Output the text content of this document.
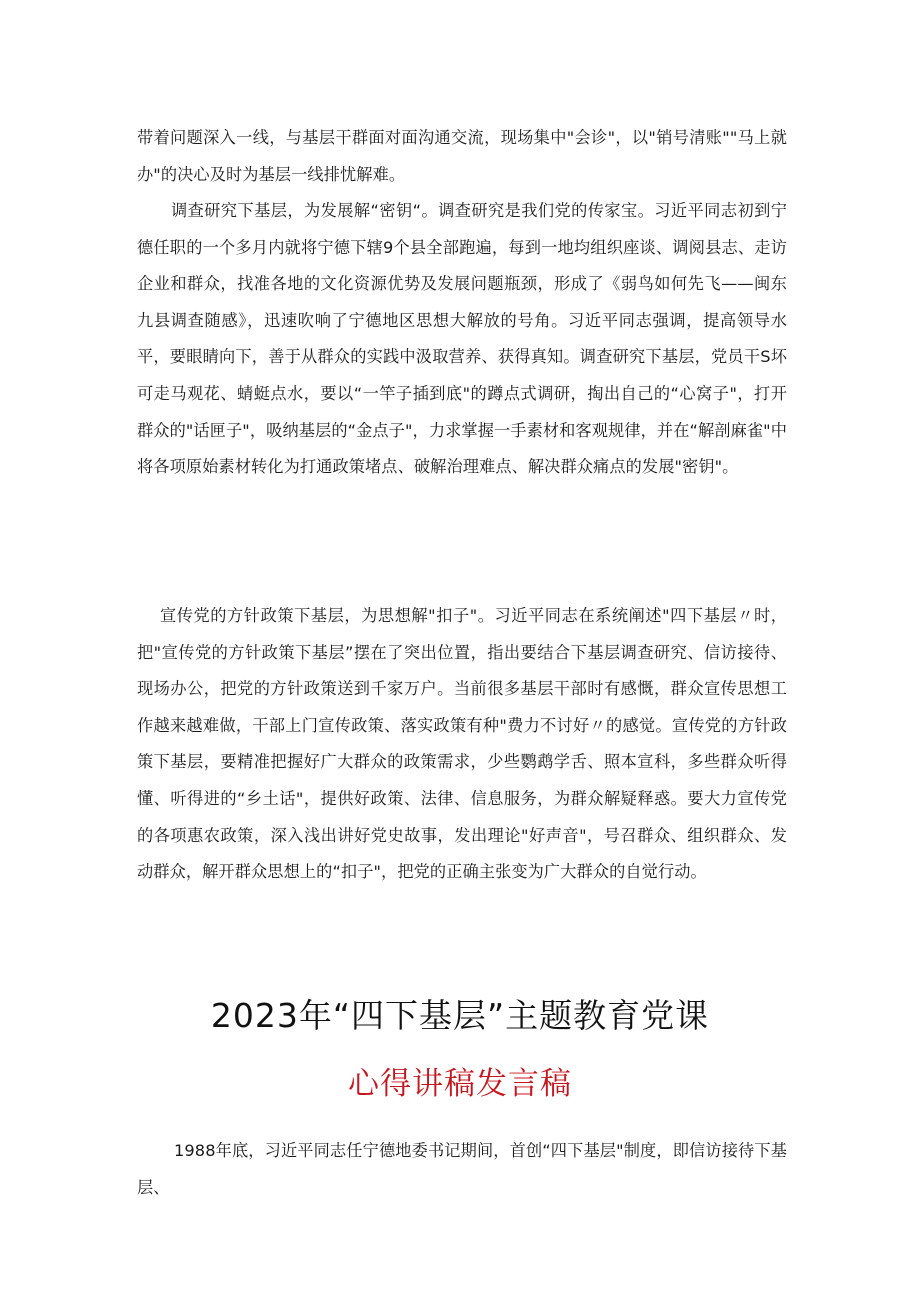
带着问题深入一线，与基层干群面对面沟通交流，现场集中"会诊"，以"销号清账""马上就办"的决心及时为基层一线排忧解难。

调查研究下基层，为发展解“密钥“。调查研究是我们党的传家宝。习近平同志初到宁德任职的一个多月内就将宁德下辖9个县全部跑遍，每到一地均组织座谈、调阅县志、走访企业和群众，找准各地的文化资源优势及发展问题瓶颈，形成了《弱鸟如何先飞——闽东九县调查随感》，迅速吹响了宁德地区思想大解放的号角。习近平同志强调，提高领导水平，要眼睛向下，善于从群众的实践中汲取营养、获得真知。调查研究下基层，党员干S坏可走马观花、蜻蜓点水，要以“一竿子插到底"的蹲点式调研，掏出自己的“心窝子"，打开群众的"话匣子"，吸纳基层的“金点子"，力求掌握一手素材和客观规律，并在“解剖麻雀"中将各项原始素材转化为打通政策堵点、破解治理难点、解决群众痛点的发展"密钥"。

宣传党的方针政策下基层，为思想解"扣子"。习近平同志在系统阐述"四下基层〃时，把"宣传党的方针政策下基层”摆在了突出位置，指出要结合下基层调查研究、信访接待、现场办公，把党的方针政策送到千家万户。当前很多基层干部时有感慨，群众宣传思想工作越来越难做，干部上门宣传政策、落实政策有种"费力不讨好〃的感觉。宣传党的方针政策下基层，要精准把握好广大群众的政策需求，少些鹦鹉学舌、照本宣科，多些群众听得懂、听得进的“乡土话"，提供好政策、法律、信息服务，为群众解疑释惑。要大力宣传党的各项惠农政策，深入浅出讲好党史故事，发出理论"好声音"，号召群众、组织群众、发动群众，解开群众思想上的“扣子"，把党的正确主张变为广大群众的自觉行动。

2023年“四下基层”主题教育党课
心得讲稿发言稿

1988年底，习近平同志任宁德地委书记期间，首创“四下基层"制度，即信访接待下基层、
